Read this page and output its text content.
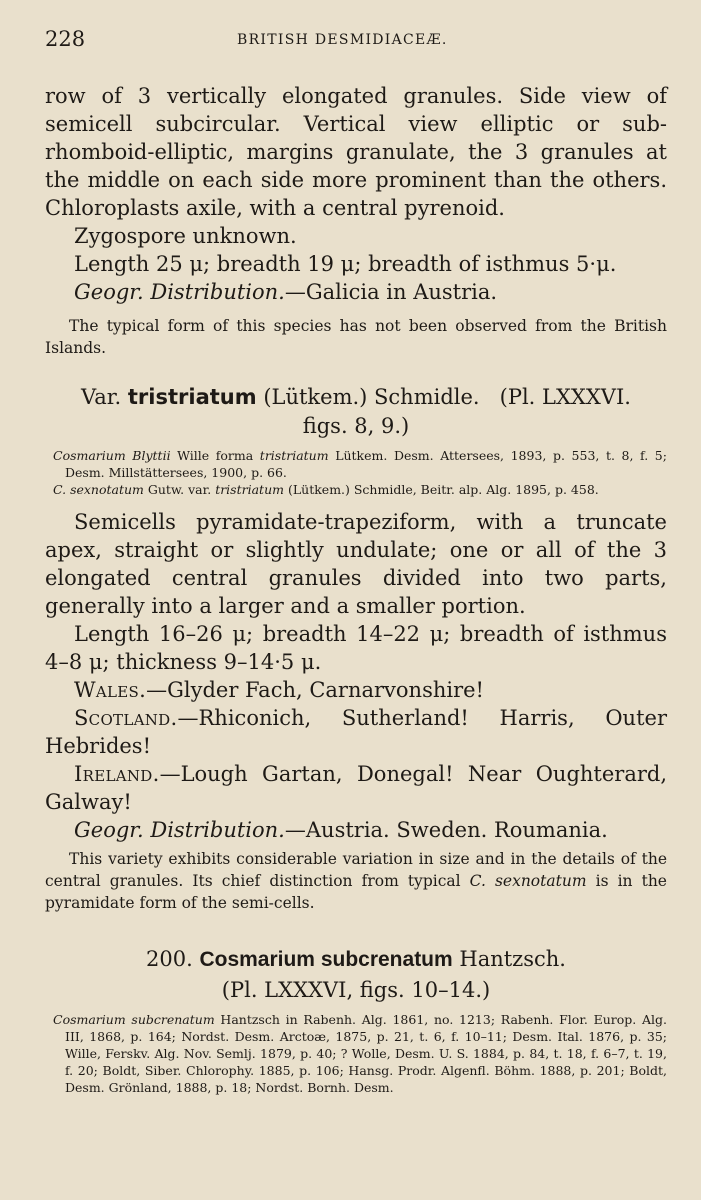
228	BRITISH DESMIDIACEÆ.

row of 3 vertically elongated granules. Side view of semicell subcircular. Vertical view elliptic or sub-rhomboid-elliptic, margins granulate, the 3 granules at the middle on each side more prominent than the others. Chloroplasts axile, with a central pyrenoid.

Zygospore unknown.

Length 25 μ; breadth 19 μ; breadth of isthmus 5·μ.

Geogr. Distribution.—Galicia in Austria.

The typical form of this species has not been observed from the British Islands.

Var. tristriatum (Lütkem.) Schmidle. (Pl. LXXXVI.
figs. 8, 9.)

Cosmarium Blyttii Wille forma tristriatum Lütkem. Desm. Attersees, 1893, p. 553, t. 8, f. 5; Desm. Millstättersees, 1900, p. 66.

C. sexnotatum Gutw. var. tristriatum (Lütkem.) Schmidle, Beitr. alp. Alg. 1895, p. 458.

Semicells pyramidate-trapeziform, with a truncate apex, straight or slightly undulate; one or all of the 3 elongated central granules divided into two parts, generally into a larger and a smaller portion.

Length 16–26 μ; breadth 14–22 μ; breadth of isthmus 4–8 μ; thickness 9–14·5 μ.

Wales.—Glyder Fach, Carnarvonshire!

Scotland.—Rhiconich, Sutherland! Harris, Outer Hebrides!

Ireland.—Lough Gartan, Donegal! Near Oughterard, Galway!

Geogr. Distribution.—Austria. Sweden. Roumania.

This variety exhibits considerable variation in size and in the details of the central granules. Its chief distinction from typical C. sexnotatum is in the pyramidate form of the semi-cells.

200. Cosmarium subcrenatum Hantzsch.
(Pl. LXXXVI, figs. 10–14.)

Cosmarium subcrenatum Hantzsch in Rabenh. Alg. 1861, no. 1213; Rabenh. Flor. Europ. Alg. III, 1868, p. 164; Nordst. Desm. Arctoæ, 1875, p. 21, t. 6, f. 10–11; Desm. Ital. 1876, p. 35; Wille, Ferskv. Alg. Nov. Semlj. 1879, p. 40; ? Wolle, Desm. U. S. 1884, p. 84, t. 18, f. 6–7, t. 19, f. 20; Boldt, Siber. Chlorophy. 1885, p. 106; Hansg. Prodr. Algenfl. Böhm. 1888, p. 201; Boldt, Desm. Grönland, 1888, p. 18; Nordst. Bornh. Desm.
